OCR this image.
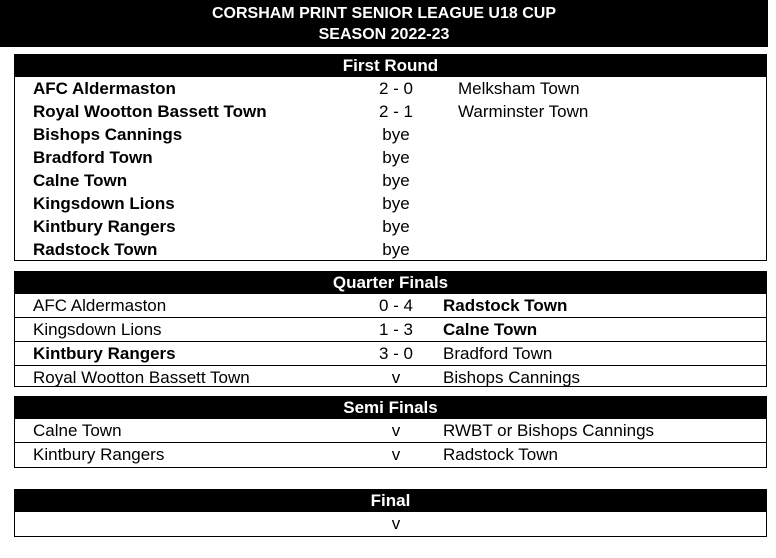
CORSHAM PRINT SENIOR LEAGUE U18 CUP
SEASON 2022-23
First Round
AFC Aldermaston	2 - 0	Melksham Town
Royal Wootton Bassett Town	2 - 1	Warminster Town
Bishops Cannings	bye
Bradford Town	bye
Calne Town	bye
Kingsdown Lions	bye
Kintbury Rangers	bye
Radstock Town	bye
Quarter Finals
AFC Aldermaston	0 - 4	Radstock Town
Kingsdown Lions	1 - 3	Calne Town
Kintbury Rangers	3 - 0	Bradford Town
Royal Wootton Bassett Town	v	Bishops Cannings
Semi Finals
Calne Town	v	RWBT or Bishops Cannings
Kintbury Rangers	v	Radstock Town
Final
v
